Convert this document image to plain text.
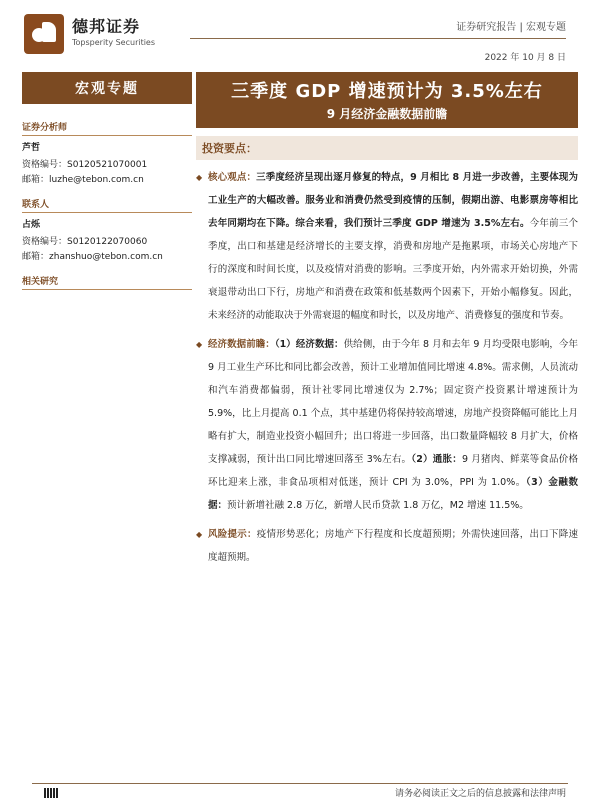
德邦证券
Topsperity Securities
证券研究报告 | 宏观专题
2022 年 10 月 8 日
宏观专题	三季度 GDP 增速预计为 3.5%左右
9 月经济金融数据前瞻
证券分析师
芦哲
资格编号：S0120521070001
邮箱：luzhe@tebon.com.cn
联系人
占烁
资格编号：S0120122070060
邮箱：zhanshuo@tebon.com.cn
相关研究
投资要点：
◆ 核心观点：三季度经济呈现出逐月修复的特点，9 月相比 8 月进一步改善，主要体现为工业生产的大幅改善。服务业和消费仍然受到疫情的压制，假期出游、电影票房等相比去年同期均在下降。综合来看，我们预计三季度 GDP 增速为 3.5%左右。今年前三个季度，出口和基建是经济增长的主要支撑，消费和房地产是拖累项，市场关心房地产下行的深度和时间长度，以及疫情对消费的影响。三季度开始，内外需求开始切换，外需衰退带动出口下行，房地产和消费在政策和低基数两个因素下，开始小幅修复。因此，未来经济的动能取决于外需衰退的幅度和时长，以及房地产、消费修复的强度和节奏。
◆ 经济数据前瞻：（1）经济数据：供给侧，由于今年 8 月和去年 9 月均受限电影响，今年 9 月工业生产环比和同比都会改善，预计工业增加值同比增速 4.8%。需求侧，人员流动和汽车消费都偏弱，预计社零同比增速仅为 2.7%；固定资产投资累计增速预计为 5.9%，比上月提高 0.1 个点，其中基建仍将保持较高增速，房地产投资降幅可能比上月略有扩大，制造业投资小幅回升；出口将进一步回落，出口数量降幅较 8 月扩大，价格支撑减弱，预计出口同比增速回落至 3%左右。（2）通胀：9 月猪肉、鲜菜等食品价格环比迎来上涨，非食品项相对低迷，预计 CPI 为 3.0%，PPI 为 1.0%。（3）金融数据：预计新增社融 2.8 万亿，新增人民币贷款 1.8 万亿，M2 增速 11.5%。
◆ 风险提示：疫情形势恶化；房地产下行程度和长度超预期；外需快速回落，出口下降速度超预期。
请务必阅读正文之后的信息披露和法律声明
